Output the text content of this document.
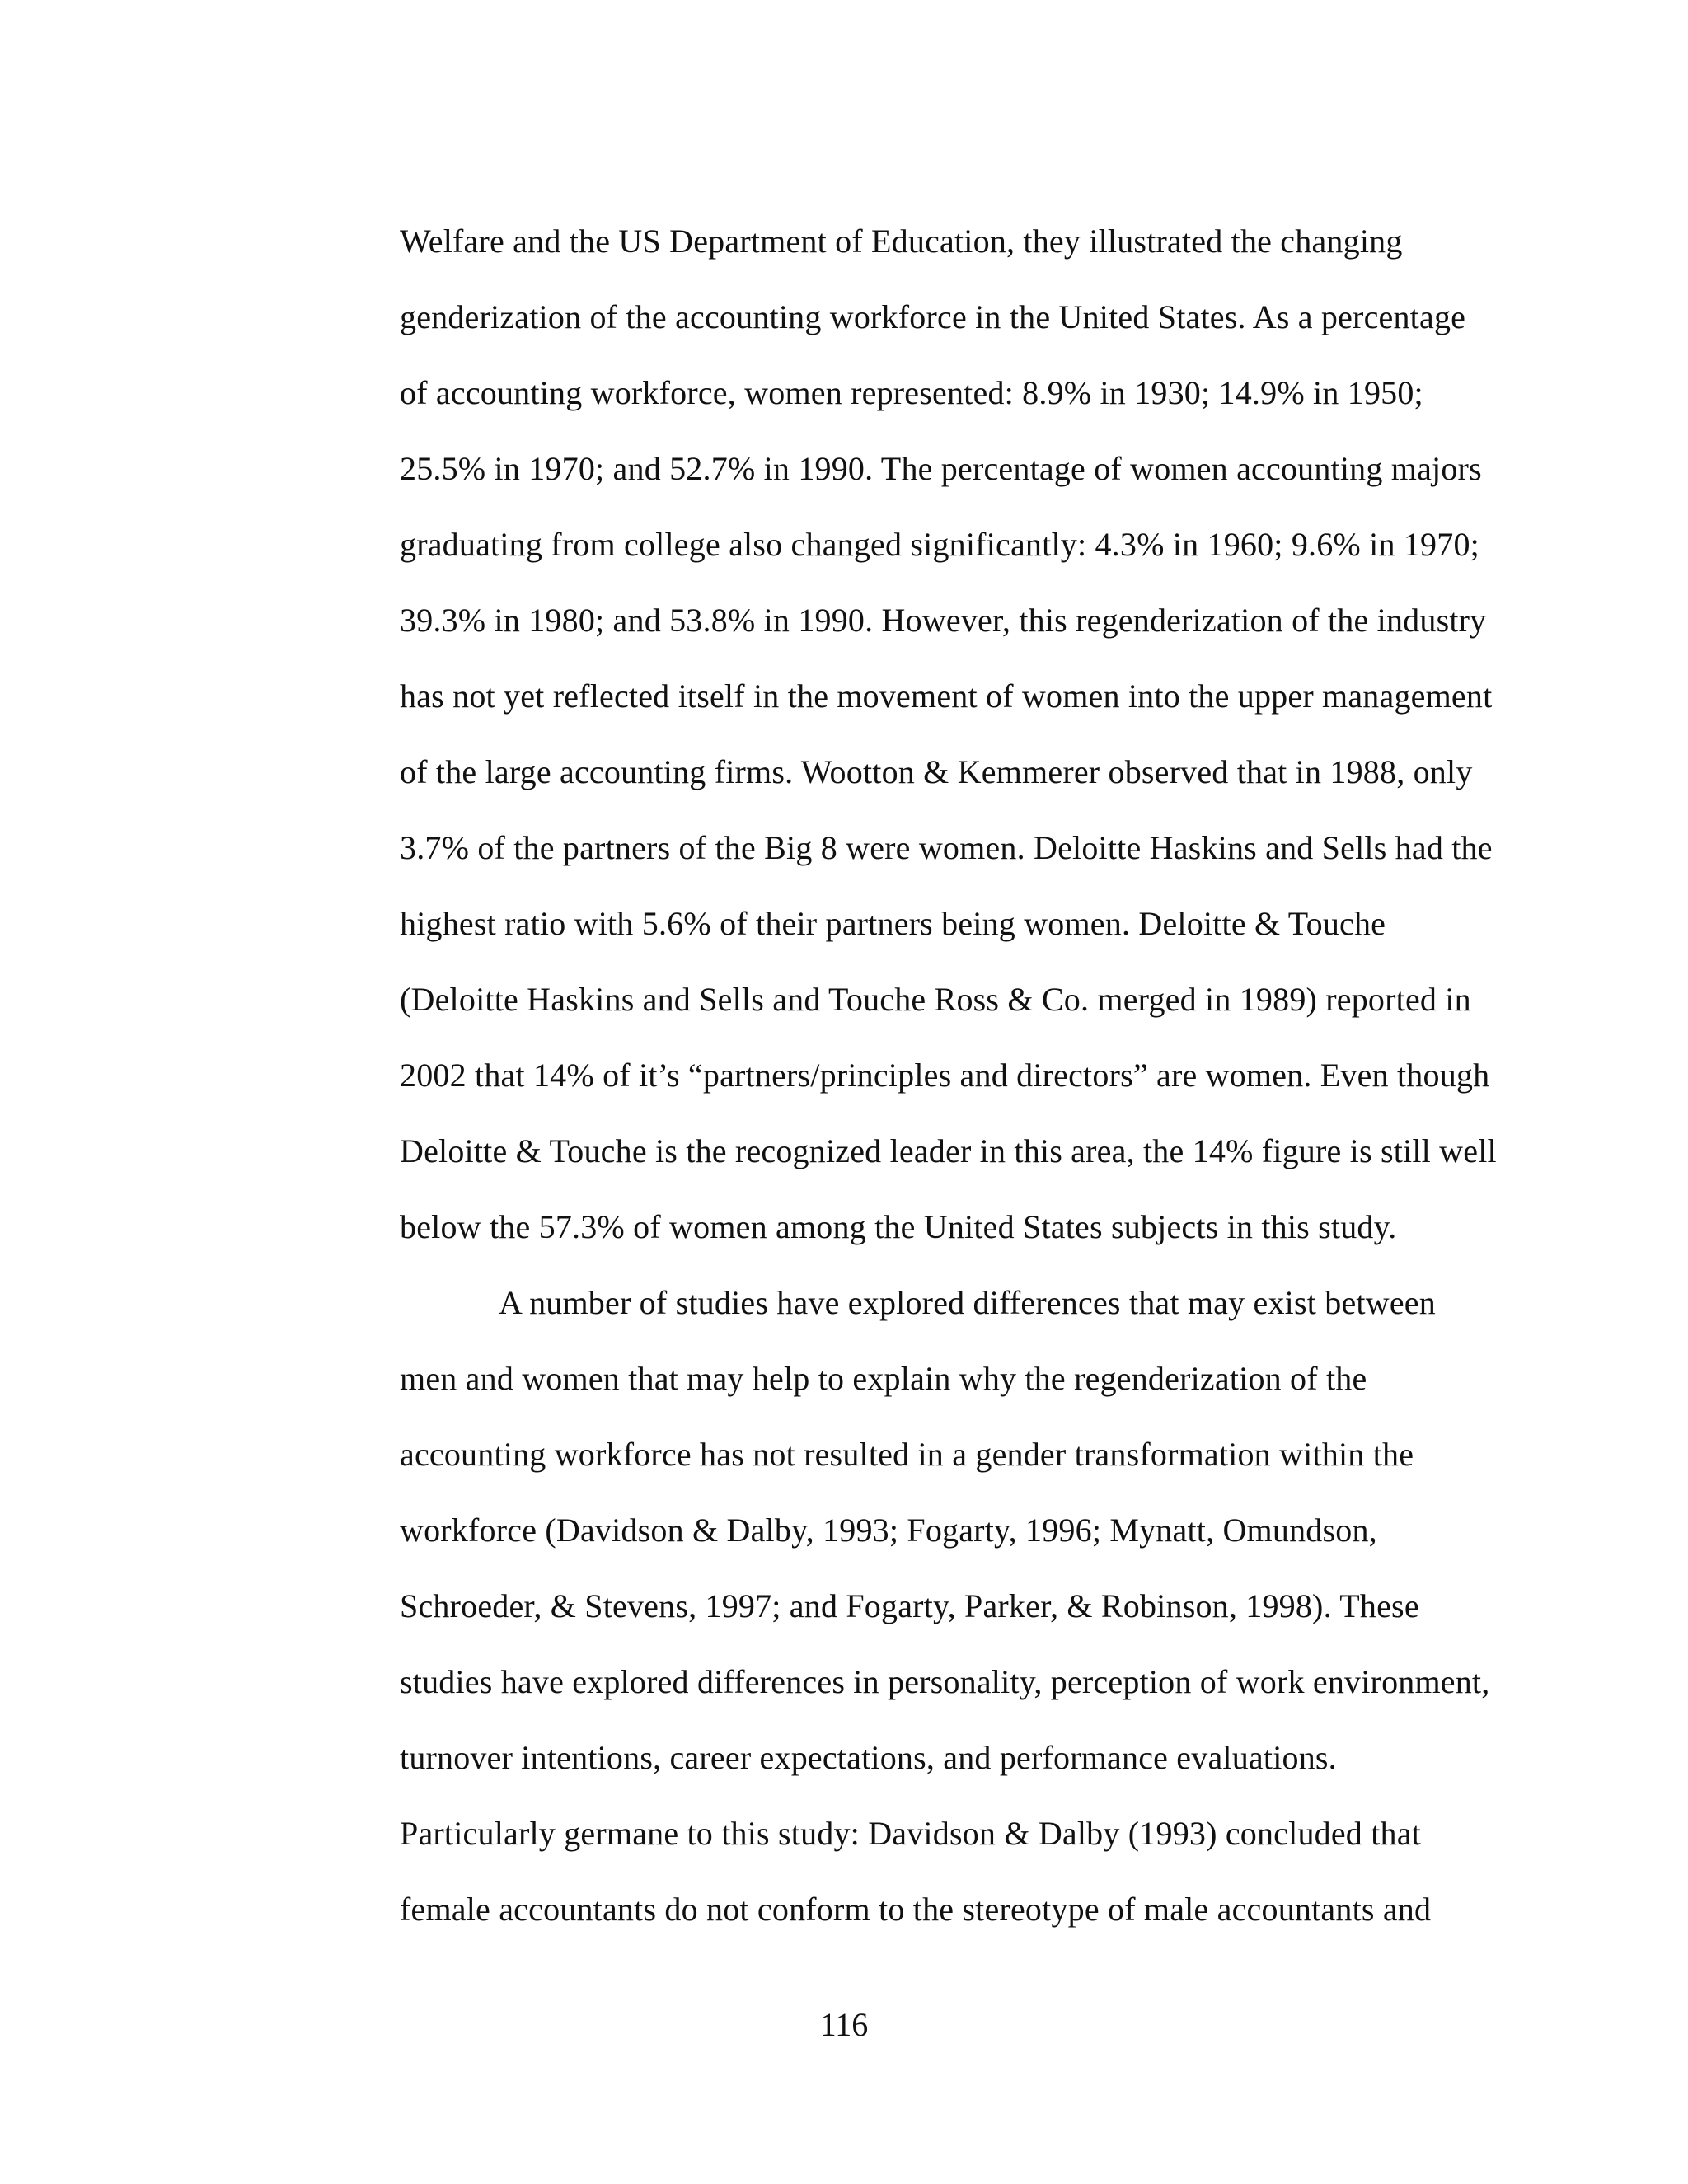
Welfare and the US Department of Education, they illustrated the changing
genderization of the accounting workforce in the United States. As a percentage
of accounting workforce, women represented: 8.9% in 1930; 14.9% in 1950;
25.5% in 1970; and 52.7% in 1990. The percentage of women accounting majors
graduating from college also changed significantly: 4.3% in 1960; 9.6% in 1970;
39.3% in 1980; and 53.8% in 1990. However, this regenderization of the industry
has not yet reflected itself in the movement of women into the upper management
of the large accounting firms. Wootton & Kemmerer observed that in 1988, only
3.7% of the partners of the Big 8 were women. Deloitte Haskins and Sells had the
highest ratio with 5.6% of their partners being women. Deloitte & Touche
(Deloitte Haskins and Sells and Touche Ross & Co. merged in 1989) reported in
2002 that 14% of it’s “partners/principles and directors” are women. Even though
Deloitte & Touche is the recognized leader in this area, the 14% figure is still well
below the 57.3% of women among the United States subjects in this study.
A number of studies have explored differences that may exist between
men and women that may help to explain why the regenderization of the
accounting workforce has not resulted in a gender transformation within the
workforce (Davidson & Dalby, 1993; Fogarty, 1996; Mynatt, Omundson,
Schroeder, & Stevens, 1997; and Fogarty, Parker, & Robinson, 1998). These
studies have explored differences in personality, perception of work environment,
turnover intentions, career expectations, and performance evaluations.
Particularly germane to this study: Davidson & Dalby (1993) concluded that
female accountants do not conform to the stereotype of male accountants and
116
